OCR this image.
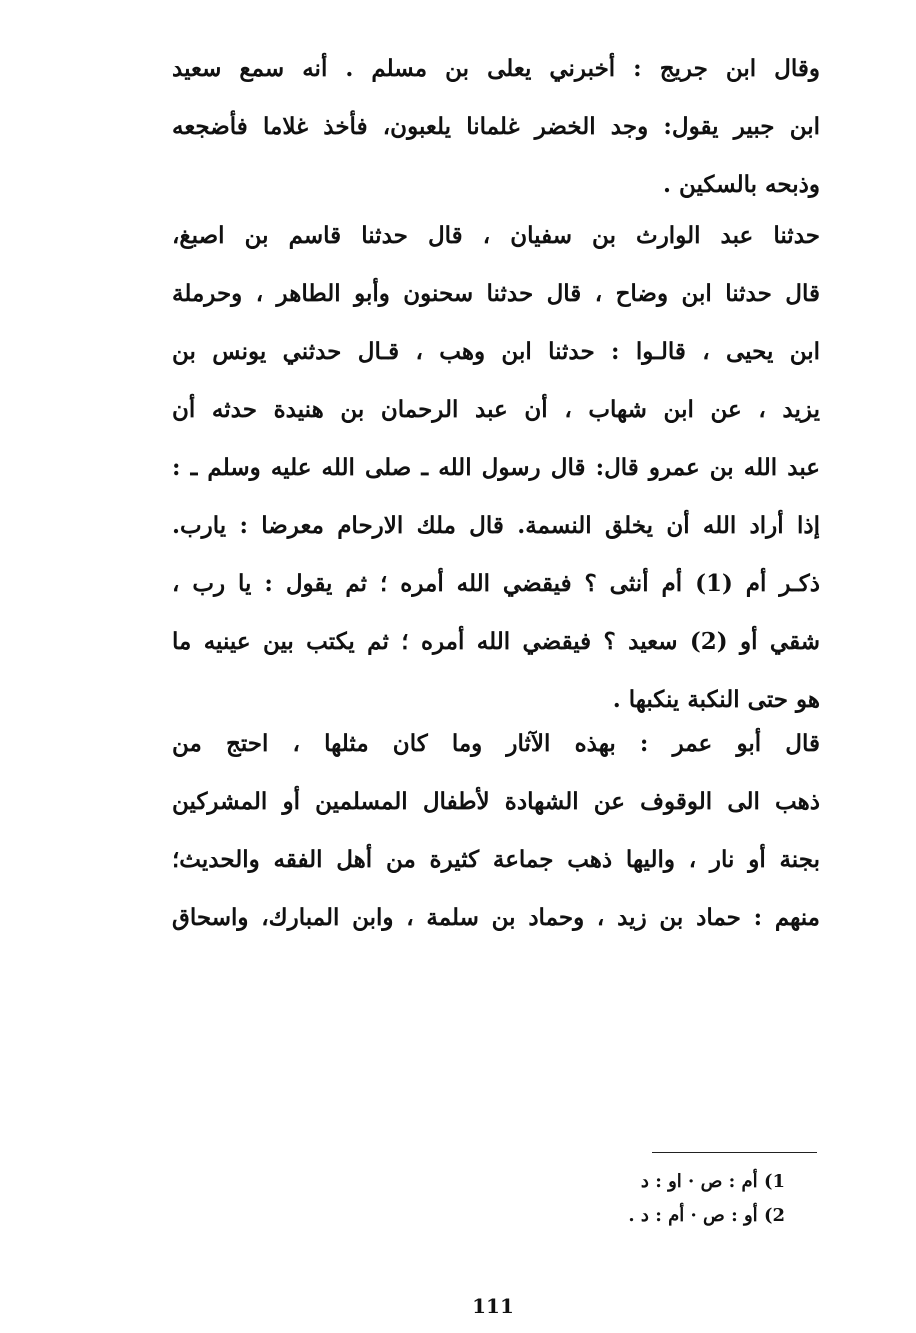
وقال ابن جريج : أخبرني يعلى بن مسلم . أنه سمع سعيد
ابن جبير يقول: وجد الخضر غلمانا يلعبون، فأخذ غلاما فأضجعه
وذبحه بالسكين .
حدثنا عبد الوارث بن سفيان ، قال حدثنا قاسم بن اصبغ،
قال حدثنا ابن وضاح ، قال حدثنا سحنون وأبو الطاهر ، وحرملة
ابن يحيى ، قالـوا : حدثنا ابن وهب ، قـال حدثني يونس بن
يزيد ، عن ابن شهاب ، أن عبد الرحمان بن هنيدة حدثه أن
عبد الله بن عمرو قال: قال رسول الله ـ صلى الله عليه وسلم ـ :
إذا أراد الله أن يخلق النسمة. قال ملك الارحام معرضا : يارب.
ذكـر أم (1) أم أنثى ؟ فيقضي الله أمره ؛ ثم يقول : يا رب ،
شقي أو (2) سعيد ؟ فيقضي الله أمره ؛ ثم يكتب بين عينيه ما
هو حتى النكبة ينكبها .
قال أبو عمر : بهذه الآثار وما كان مثلها ، احتج من
ذهب الى الوقوف عن الشهادة لأطفال المسلمين أو المشركين
بجنة أو نار ، واليها ذهب جماعة كثيرة من أهل الفقه والحديث؛
منهم : حماد بن زيد ، وحماد بن سلمة ، وابن المبارك، واسحاق
1) أم : ص · او : د
2) أو : ص · أم : د .
111
